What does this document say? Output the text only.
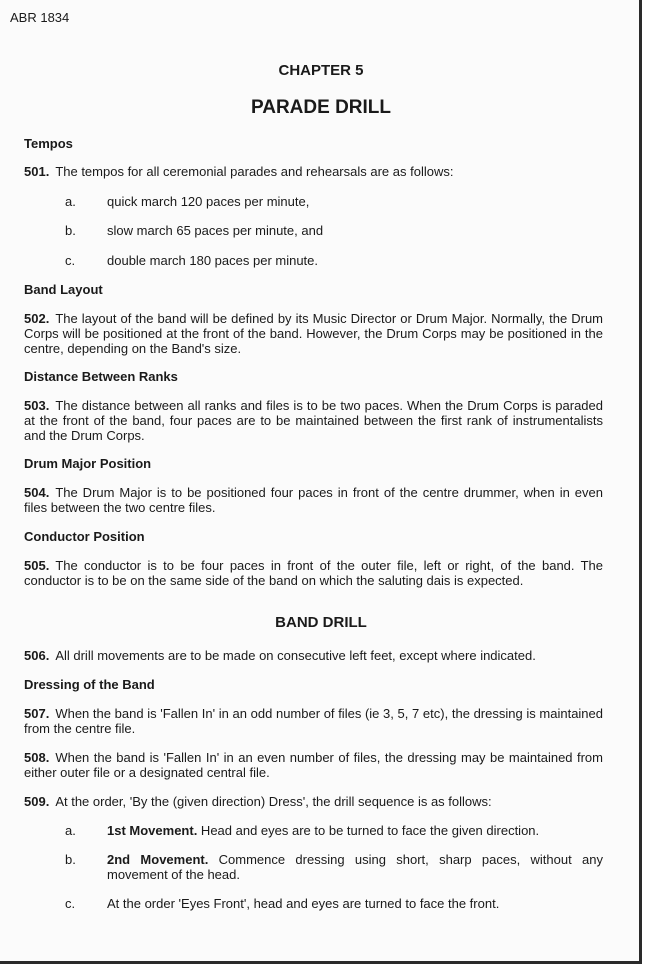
ABR 1834
CHAPTER 5
PARADE DRILL
Tempos
501. The tempos for all ceremonial parades and rehearsals are as follows:
a. quick march 120 paces per minute,
b. slow march 65 paces per minute, and
c. double march 180 paces per minute.
Band Layout
502. The layout of the band will be defined by its Music Director or Drum Major. Normally, the Drum Corps will be positioned at the front of the band. However, the Drum Corps may be positioned in the centre, depending on the Band's size.
Distance Between Ranks
503. The distance between all ranks and files is to be two paces. When the Drum Corps is paraded at the front of the band, four paces are to be maintained between the first rank of instrumentalists and the Drum Corps.
Drum Major Position
504. The Drum Major is to be positioned four paces in front of the centre drummer, when in even files between the two centre files.
Conductor Position
505. The conductor is to be four paces in front of the outer file, left or right, of the band. The conductor is to be on the same side of the band on which the saluting dais is expected.
BAND DRILL
506. All drill movements are to be made on consecutive left feet, except where indicated.
Dressing of the Band
507. When the band is 'Fallen In' in an odd number of files (ie 3, 5, 7 etc), the dressing is maintained from the centre file.
508. When the band is 'Fallen In' in an even number of files, the dressing may be maintained from either outer file or a designated central file.
509. At the order, 'By the (given direction) Dress', the drill sequence is as follows:
a. 1st Movement. Head and eyes are to be turned to face the given direction.
b. 2nd Movement. Commence dressing using short, sharp paces, without any movement of the head.
c. At the order 'Eyes Front', head and eyes are turned to face the front.
